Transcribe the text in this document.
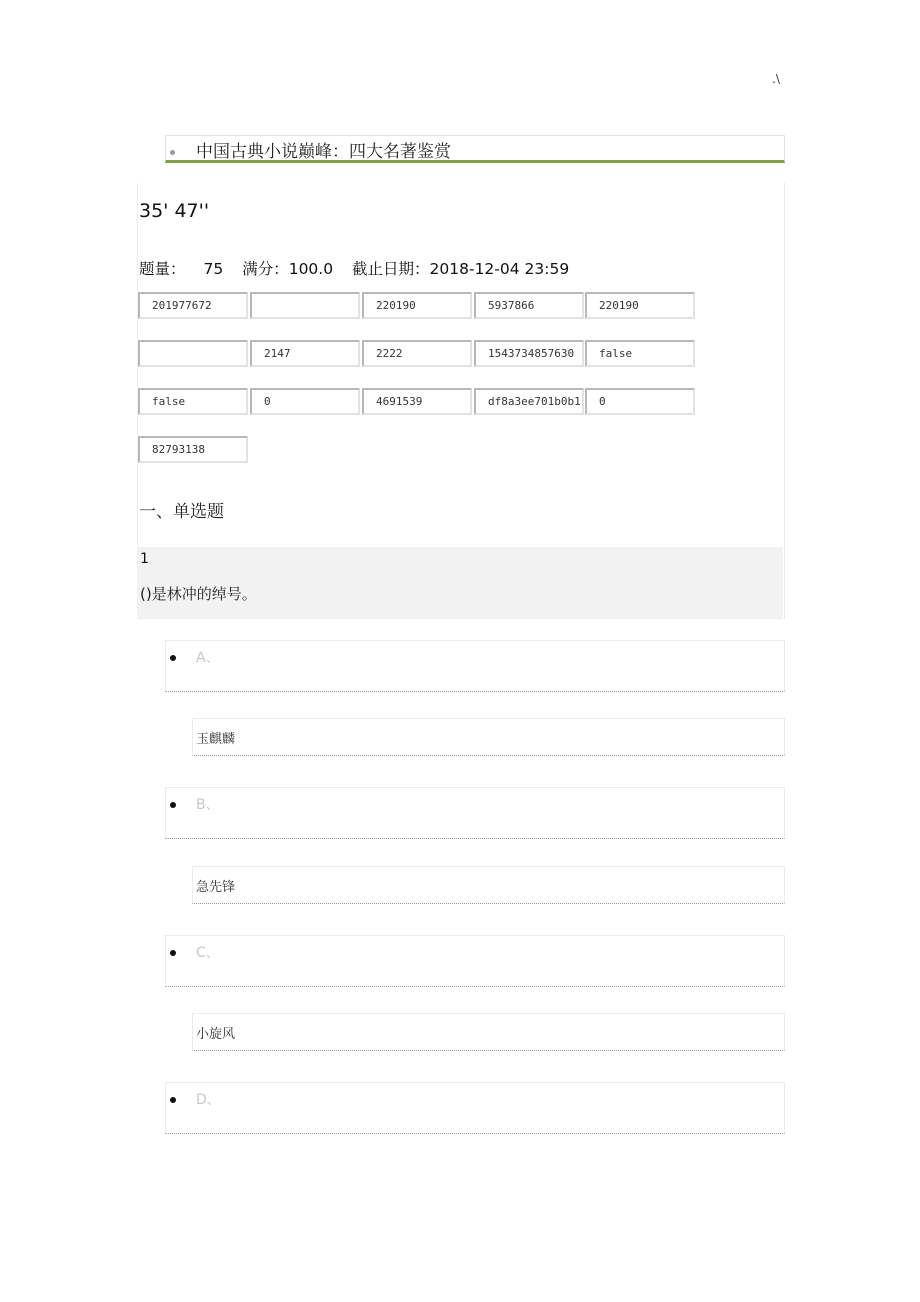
.\
中国古典小说巅峰：四大名著鉴赏
35' 47''
题量： 75 满分：100.0 截止日期：2018-12-04 23:59
201977672
220190
5937866
220190
2147
2222
1543734857630
false
false
0
4691539
df8a3ee701b0b1
0
82793138
一、单选题
1
()是林冲的绰号。
A、
玉麒麟
B、
急先锋
C、
小旋风
D、
